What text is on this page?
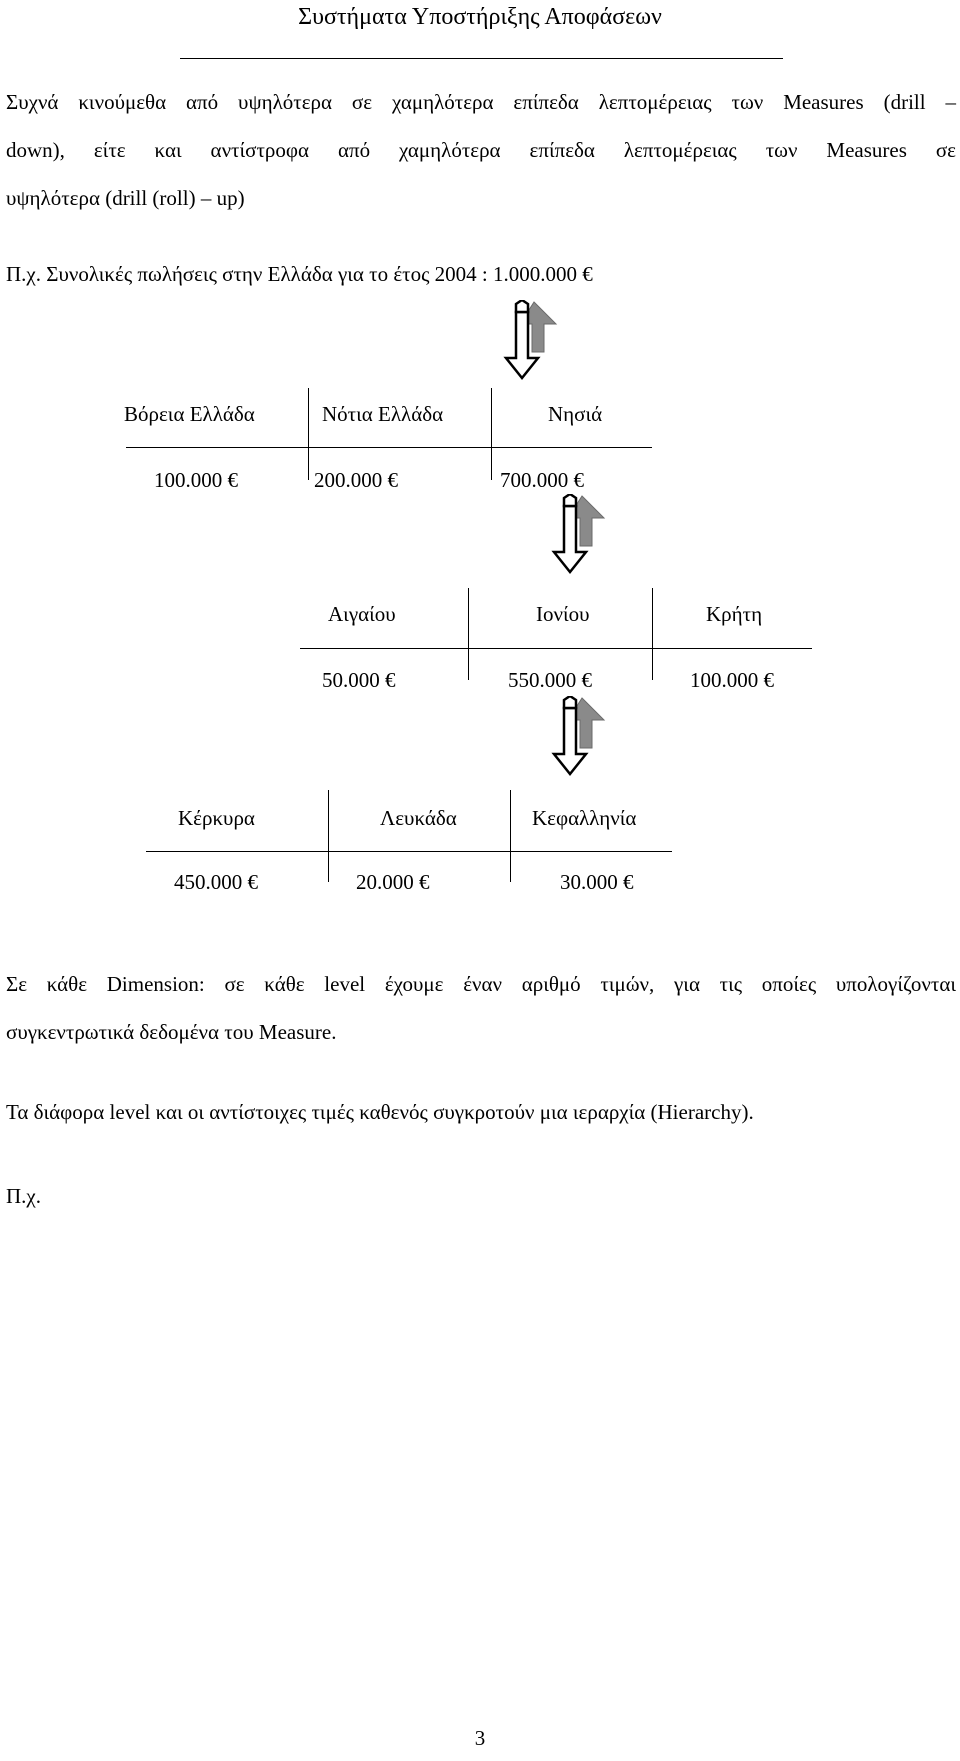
Συστήματα Υποστήριξης Αποφάσεων
Συχνά κινούμεθα από υψηλότερα σε χαμηλότερα επίπεδα λεπτομέρειας των Measures (drill –
down), είτε και αντίστροφα από χαμηλότερα επίπεδα λεπτομέρειας των Measures σε
υψηλότερα (drill (roll) – up)
Π.χ. Συνολικές πωλήσεις στην Ελλάδα για το έτος 2004 : 1.000.000 €
Βόρεια Ελλάδα	Νότια Ελλάδα	Νησιά
100.000 €	200.000 €	700.000 €
Αιγαίου	Ιονίου	Κρήτη
50.000 €	550.000 €	100.000 €
Κέρκυρα	Λευκάδα	Κεφαλληνία
450.000 €	20.000 €	30.000 €
Σε κάθε Dimension: σε κάθε level έχουμε έναν αριθμό τιμών, για τις οποίες υπολογίζονται
συγκεντρωτικά δεδομένα του Measure.
Τα διάφορα level και οι αντίστοιχες τιμές καθενός συγκροτούν μια ιεραρχία (Hierarchy).
Π.χ.
3
